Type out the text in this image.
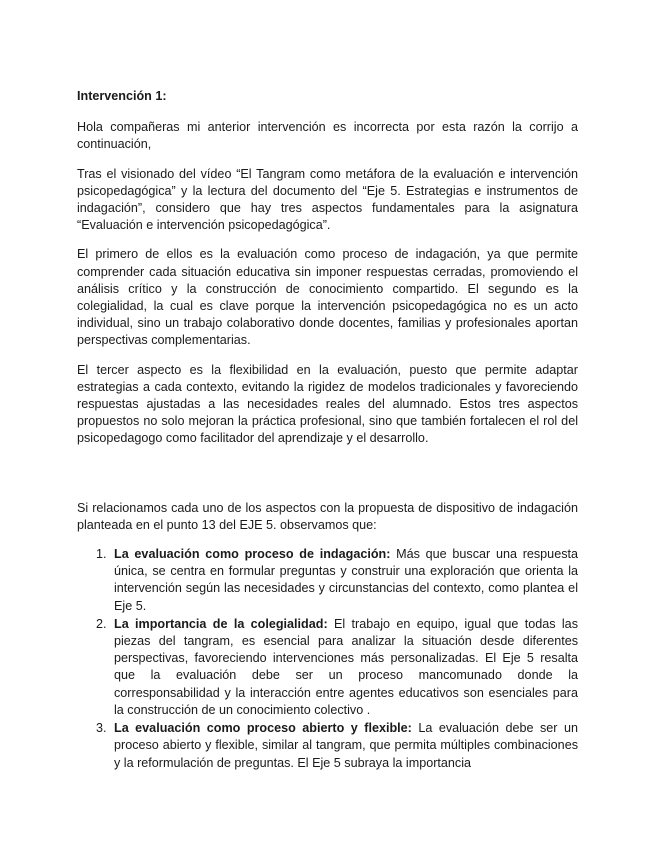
Intervención 1:

Hola compañeras mi anterior intervención es incorrecta por esta razón la corrijo a continuación,

Tras el visionado del vídeo “El Tangram como metáfora de la evaluación e intervención psicopedagógica” y la lectura del documento del “Eje 5. Estrategias e instrumentos de indagación”, considero que hay tres aspectos fundamentales para la asignatura “Evaluación e intervención psicopedagógica”.

El primero de ellos es la evaluación como proceso de indagación, ya que permite comprender cada situación educativa sin imponer respuestas cerradas, promoviendo el análisis crítico y la construcción de conocimiento compartido. El segundo es la colegialidad, la cual es clave porque la intervención psicopedagógica no es un acto individual, sino un trabajo colaborativo donde docentes, familias y profesionales aportan perspectivas complementarias.

El tercer aspecto es la flexibilidad en la evaluación, puesto que permite adaptar estrategias a cada contexto, evitando la rigidez de modelos tradicionales y favoreciendo respuestas ajustadas a las necesidades reales del alumnado. Estos tres aspectos propuestos no solo mejoran la práctica profesional, sino que también fortalecen el rol del psicopedagogo como facilitador del aprendizaje y el desarrollo.

Si relacionamos cada uno de los aspectos con la propuesta de dispositivo de indagación planteada en el punto 13 del EJE 5. observamos que:

1. La evaluación como proceso de indagación: Más que buscar una respuesta única, se centra en formular preguntas y construir una exploración que orienta la intervención según las necesidades y circunstancias del contexto, como plantea el Eje 5.
2. La importancia de la colegialidad: El trabajo en equipo, igual que todas las piezas del tangram, es esencial para analizar la situación desde diferentes perspectivas, favoreciendo intervenciones más personalizadas. El Eje 5 resalta que la evaluación debe ser un proceso mancomunado donde la corresponsabilidad y la interacción entre agentes educativos son esenciales para la construcción de un conocimiento colectivo .
3. La evaluación como proceso abierto y flexible: La evaluación debe ser un proceso abierto y flexible, similar al tangram, que permita múltiples combinaciones y la reformulación de preguntas. El Eje 5 subraya la importancia
